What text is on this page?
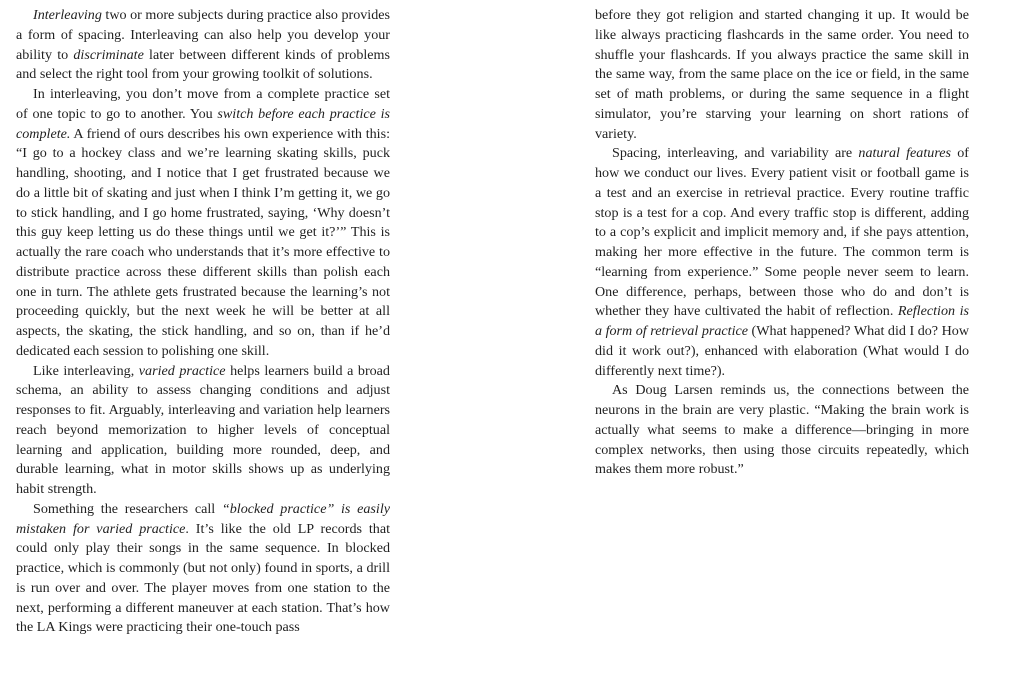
Interleaving two or more subjects during practice also provides a form of spacing. Interleaving can also help you develop your ability to discriminate later between different kinds of problems and select the right tool from your growing toolkit of solutions.

In interleaving, you don’t move from a complete practice set of one topic to go to another. You switch before each practice is complete. A friend of ours describes his own experience with this: “I go to a hockey class and we’re learning skating skills, puck handling, shooting, and I notice that I get frustrated because we do a little bit of skating and just when I think I’m getting it, we go to stick handling, and I go home frustrated, saying, ‘Why doesn’t this guy keep letting us do these things until we get it?’” This is actually the rare coach who understands that it’s more effective to distribute practice across these different skills than polish each one in turn. The athlete gets frustrated because the learning’s not proceeding quickly, but the next week he will be better at all aspects, the skating, the stick handling, and so on, than if he’d dedicated each session to polishing one skill.

Like interleaving, varied practice helps learners build a broad schema, an ability to assess changing conditions and adjust responses to fit. Arguably, interleaving and variation help learners reach beyond memorization to higher levels of conceptual learning and application, building more rounded, deep, and durable learning, what in motor skills shows up as underlying habit strength.

Something the researchers call “blocked practice” is easily mistaken for varied practice. It’s like the old LP records that could only play their songs in the same sequence. In blocked practice, which is commonly (but not only) found in sports, a drill is run over and over. The player moves from one station to the next, performing a different maneuver at each station. That’s how the LA Kings were practicing their one-touch pass

before they got religion and started changing it up. It would be like always practicing flashcards in the same order. You need to shuffle your flashcards. If you always practice the same skill in the same way, from the same place on the ice or field, in the same set of math problems, or during the same sequence in a flight simulator, you’re starving your learning on short rations of variety.

Spacing, interleaving, and variability are natural features of how we conduct our lives. Every patient visit or football game is a test and an exercise in retrieval practice. Every routine traffic stop is a test for a cop. And every traffic stop is different, adding to a cop’s explicit and implicit memory and, if she pays attention, making her more effective in the future. The common term is “learning from experience.” Some people never seem to learn. One difference, perhaps, between those who do and don’t is whether they have cultivated the habit of reflection. Reflection is a form of retrieval practice (What happened? What did I do? How did it work out?), enhanced with elaboration (What would I do differently next time?).

As Doug Larsen reminds us, the connections between the neurons in the brain are very plastic. “Making the brain work is actually what seems to make a difference—bringing in more complex networks, then using those circuits repeatedly, which makes them more robust.”
